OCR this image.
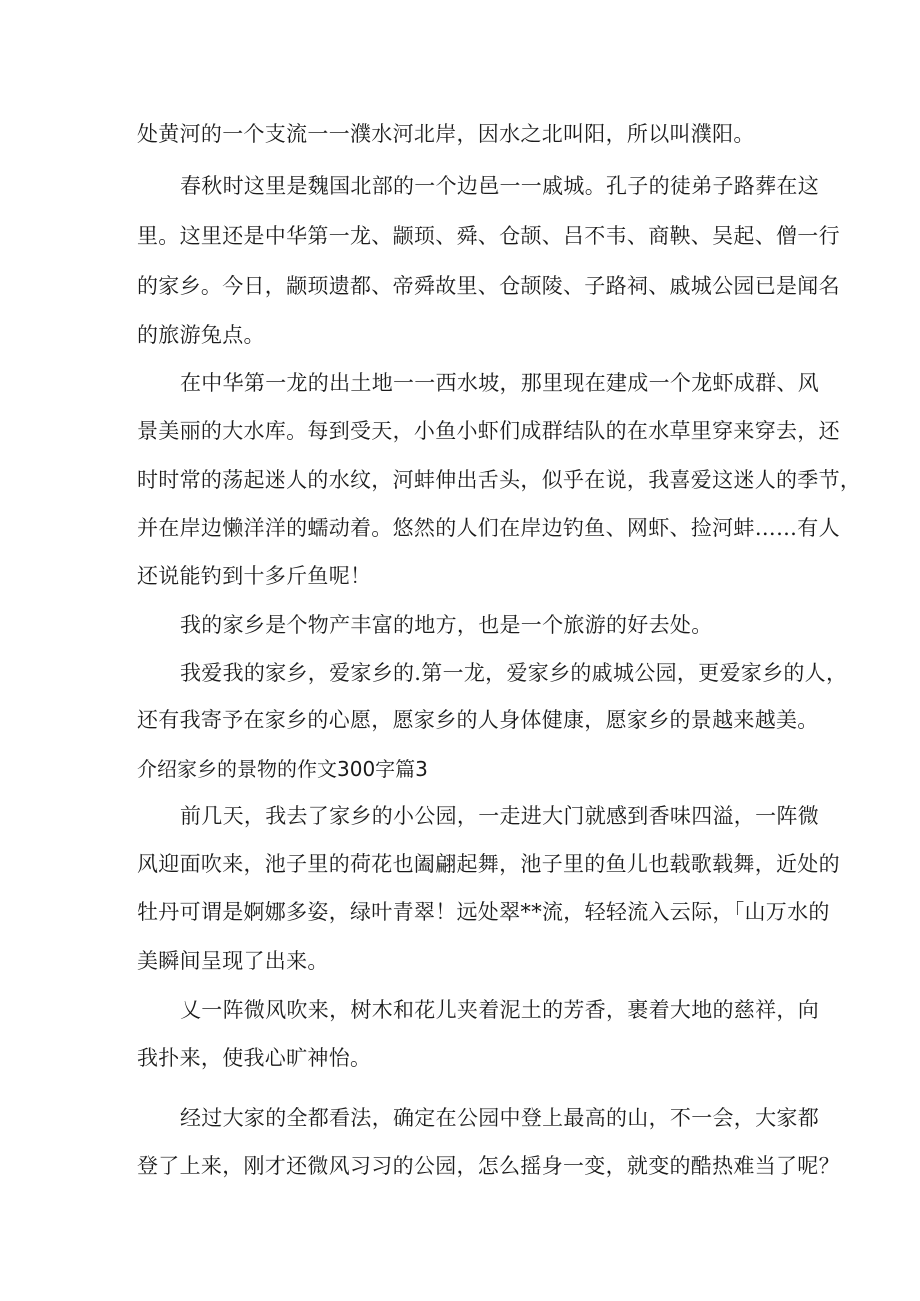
处黄河的一个支流一一濮水河北岸，因水之北叫阳，所以叫濮阳。
春秋时这里是魏国北部的一个边邑一一戚城。孔子的徒弟子路葬在这
里。这里还是中华第一龙、颛顼、舜、仓颉、吕不韦、商鞅、吴起、僧一行
的家乡。今日，颛顼遗都、帝舜故里、仓颉陵、子路祠、戚城公园已是闻名
的旅游兔点。
在中华第一龙的出土地一一西水坡，那里现在建成一个龙虾成群、风
景美丽的大水库。每到受天，小鱼小虾们成群结队的在水草里穿来穿去，还
时时常的荡起迷人的水纹，河蚌伸出舌头，似乎在说，我喜爱这迷人的季节，
并在岸边懒洋洋的蠕动着。悠然的人们在岸边钓鱼、网虾、捡河蚌……有人
还说能钓到十多斤鱼呢！
我的家乡是个物产丰富的地方，也是一个旅游的好去处。
我爱我的家乡，爱家乡的.第一龙，爱家乡的戚城公园，更爱家乡的人，
还有我寄予在家乡的心愿，愿家乡的人身体健康，愿家乡的景越来越美。
介绍家乡的景物的作文300字篇3
前几天，我去了家乡的小公园，一走进大门就感到香味四溢，一阵微
风迎面吹来，池子里的荷花也阖翩起舞，池子里的鱼儿也载歌载舞，近处的
牡丹可谓是婀娜多姿，绿叶青翠！远处翠**流，轻轻流入云际，「山万水的
美瞬间呈现了出来。
乂一阵微风吹来，树木和花儿夹着泥土的芳香，裹着大地的慈祥，向
我扑来，使我心旷神怡。
经过大家的全都看法，确定在公园中登上最高的山，不一会，大家都
登了上来，刚才还微风习习的公园，怎么摇身一变，就变的酷热难当了呢？
